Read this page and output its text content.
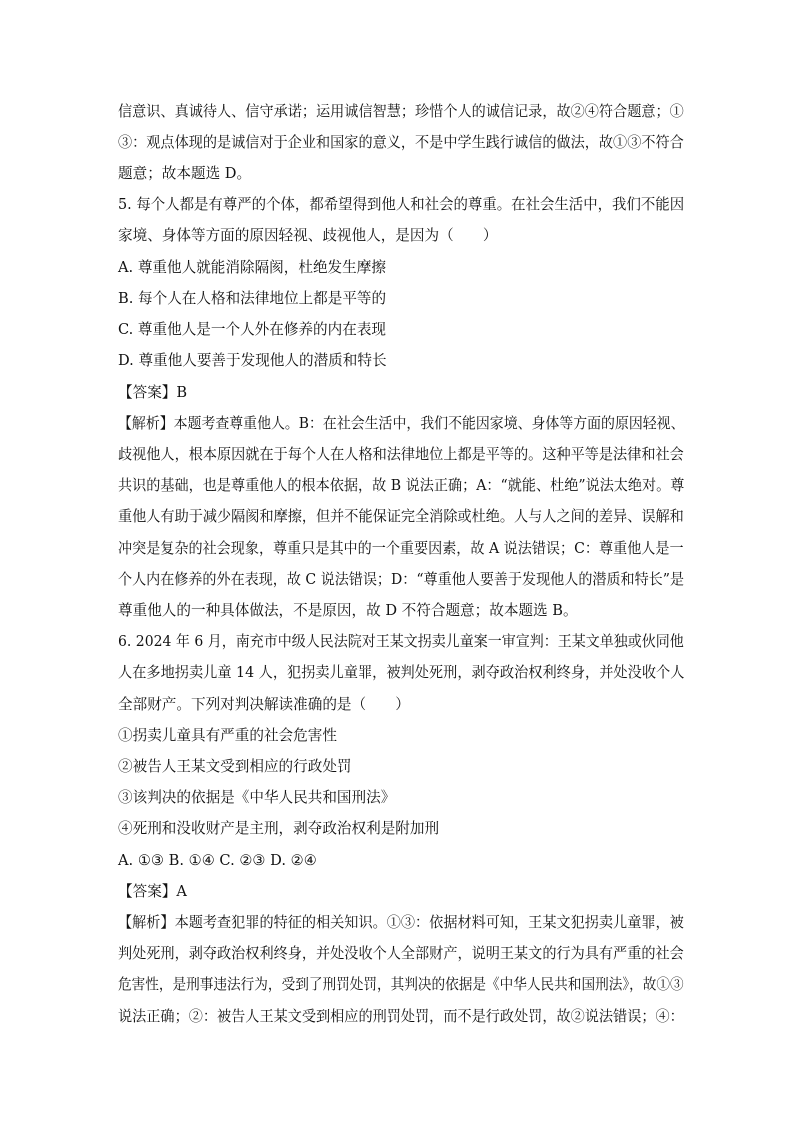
信意识、真诚待人、信守承诺；运用诚信智慧；珍惜个人的诚信记录，故②④符合题意；①
③：观点体现的是诚信对于企业和国家的意义，不是中学生践行诚信的做法，故①③不符合
题意；故本题选 D。
5. 每个人都是有尊严的个体，都希望得到他人和社会的尊重。在社会生活中，我们不能因
家境、身体等方面的原因轻视、歧视他人，是因为（　　）
A. 尊重他人就能消除隔阂，杜绝发生摩擦
B. 每个人在人格和法律地位上都是平等的
C. 尊重他人是一个人外在修养的内在表现
D. 尊重他人要善于发现他人的潜质和特长
【答案】B
【解析】本题考查尊重他人。B：在社会生活中，我们不能因家境、身体等方面的原因轻视、
歧视他人，根本原因就在于每个人在人格和法律地位上都是平等的。这种平等是法律和社会
共识的基础，也是尊重他人的根本依据，故 B 说法正确；A：“就能、杜绝”说法太绝对。尊
重他人有助于减少隔阂和摩擦，但并不能保证完全消除或杜绝。人与人之间的差异、误解和
冲突是复杂的社会现象，尊重只是其中的一个重要因素，故 A 说法错误；C：尊重他人是一
个人内在修养的外在表现，故 C 说法错误；D：“尊重他人要善于发现他人的潜质和特长”是
尊重他人的一种具体做法，不是原因，故 D 不符合题意；故本题选 B。
6. 2024 年 6 月，南充市中级人民法院对王某文拐卖儿童案一审宣判：王某文单独或伙同他
人在多地拐卖儿童 14 人，犯拐卖儿童罪，被判处死刑，剥夺政治权利终身，并处没收个人
全部财产。下列对判决解读准确的是（　　）
①拐卖儿童具有严重的社会危害性
②被告人王某文受到相应的行政处罚
③该判决的依据是《中华人民共和国刑法》
④死刑和没收财产是主刑，剥夺政治权利是附加刑
A. ①③ B. ①④ C. ②③ D. ②④
【答案】A
【解析】本题考查犯罪的特征的相关知识。①③：依据材料可知，王某文犯拐卖儿童罪，被
判处死刑，剥夺政治权利终身，并处没收个人全部财产，说明王某文的行为具有严重的社会
危害性，是刑事违法行为，受到了刑罚处罚，其判决的依据是《中华人民共和国刑法》，故①③
说法正确；②：被告人王某文受到相应的刑罚处罚，而不是行政处罚，故②说法错误；④：
